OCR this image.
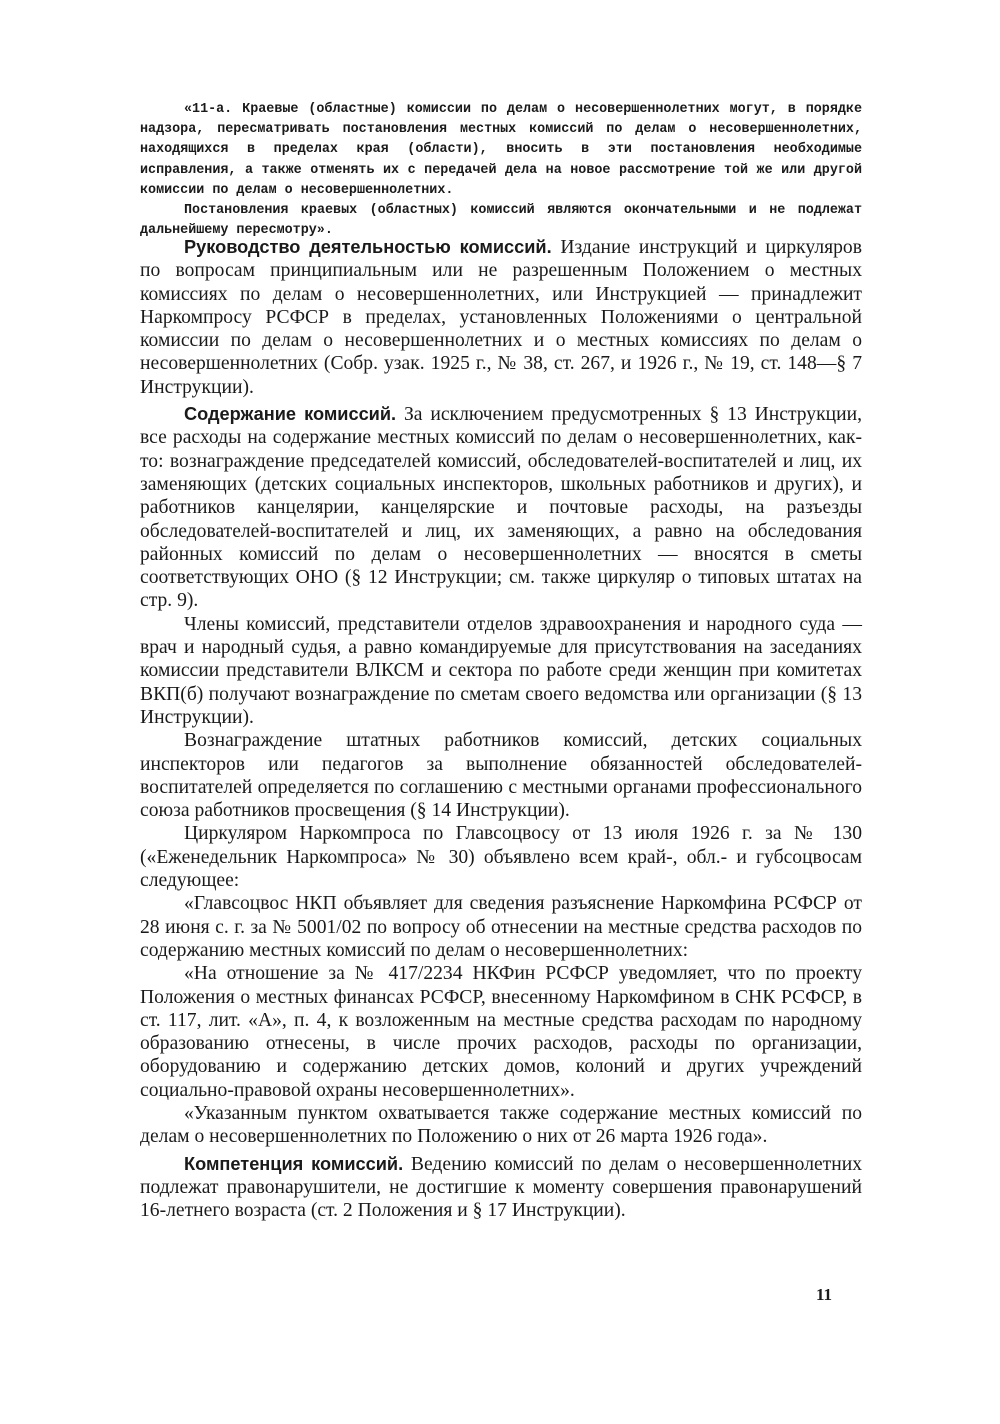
«11-а. Краевые (областные) комиссии по делам о несовершеннолетних могут, в порядке надзора, пересматривать постановления местных комиссий по делам о несовершеннолетних, находящихся в пределах края (области), вносить в эти постановления необходимые исправления, а также отменять их с передачей дела на новое рассмотрение той же или другой комиссии по делам о несовершеннолетних.

Постановления краевых (областных) комиссий являются окончательными и не подлежат дальнейшему пересмотру».

Руководство деятельностью комиссий. Издание инструкций и циркуляров по вопросам принципиальным или не разрешенным Положением о местных комиссиях по делам о несовершеннолетних, или Инструкцией — принадлежит Наркомпросу РСФСР в пределах, установленных Положениями о центральной комиссии по делам о несовершеннолетних и о местных комиссиях по делам о несовершеннолетних (Собр. узак. 1925 г., № 38, ст. 267, и 1926 г., № 19, ст. 148—§ 7 Инструкции).

Содержание комиссий. За исключением предусмотренных § 13 Инструкции, все расходы на содержание местных комиссий по делам о несовершеннолетних, как-то: вознаграждение председателей комиссий, обследователей-воспитателей и лиц, их заменяющих (детских социальных инспекторов, школьных работников и других), и работников канцелярии, канцелярские и почтовые расходы, на разъезды обследователей-воспитателей и лиц, их заменяющих, а равно на обследования районных комиссий по делам о несовершеннолетних — вносятся в сметы соответствующих ОНО (§ 12 Инструкции; см. также циркуляр о типовых штатах на стр. 9).

Члены комиссий, представители отделов здравоохранения и народного суда — врач и народный судья, а равно командируемые для присутствования на заседаниях комиссии представители ВЛКСМ и сектора по работе среди женщин при комитетах ВКП(б) получают вознаграждение по сметам своего ведомства или организации (§ 13 Инструкции).

Вознаграждение штатных работников комиссий, детских социальных инспекторов или педагогов за выполнение обязанностей обследователей-воспитателей определяется по соглашению с местными органами профессионального союза работников просвещения (§ 14 Инструкции).

Циркуляром Наркомпроса по Главсоцвосу от 13 июля 1926 г. за № 130 («Еженедельник Наркомпроса» № 30) объявлено всем край-, обл.- и губсоцвосам следующее:

«Главсоцвос НКП объявляет для сведения разъяснение Наркомфина РСФСР от 28 июня с. г. за № 5001/02 по вопросу об отнесении на местные средства расходов по содержанию местных комиссий по делам о несовершеннолетних:

«На отношение за № 417/2234 НКФин РСФСР уведомляет, что по проекту Положения о местных финансах РСФСР, внесенному Наркомфином в СНК РСФСР, в ст. 117, лит. «А», п. 4, к возложенным на местные средства расходам по народному образованию отнесены, в числе прочих расходов, расходы по организации, оборудованию и содержанию детских домов, колоний и других учреждений социально-правовой охраны несовершеннолетних».

«Указанным пунктом охватывается также содержание местных комиссий по делам о несовершеннолетних по Положению о них от 26 марта 1926 года».

Компетенция комиссий. Ведению комиссий по делам о несовершеннолетних подлежат правонарушители, не достигшие к моменту совершения правонарушений 16-летнего возраста (ст. 2 Положения и § 17 Инструкции).

11
